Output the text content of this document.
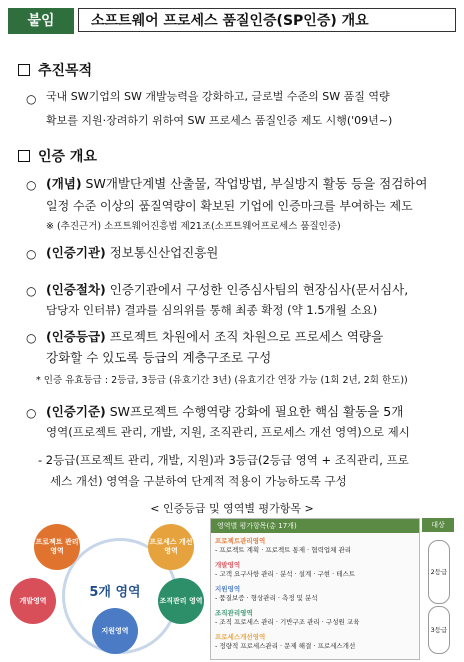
붙임	소프트웨어 프로세스 품질인증(SP인증) 개요
추진목적
○ 국내 SW기업의 SW 개발능력을 강화하고, 글로벌 수준의 SW 품질 역량
확보를 지원·장려하기 위하여 SW 프로세스 품질인증 제도 시행('09년~)
인증 개요
○ (개념) SW개발단계별 산출물, 작업방법, 부실방지 활동 등을 점검하여
일정 수준 이상의 품질역량이 확보된 기업에 인증마크를 부여하는 제도
※ (추진근거) 소프트웨어진흥법 제21조(소프트웨어프로세스 품질인증)
○ (인증기관) 정보통신산업진흥원
○ (인증절차) 인증기관에서 구성한 인증심사팀의 현장심사(문서심사,
담당자 인터뷰) 결과를 심의위를 통해 최종 확정 (약 1.5개월 소요)
○ (인증등급) 프로젝트 차원에서 조직 차원으로 프로세스 역량을
강화할 수 있도록 등급의 계층구조로 구성
* 인증 유효등급 : 2등급, 3등급 (유효기간 3년) (유효기간 연장 가능 (1회 2년, 2회 한도))
○ (인증기준) SW프로젝트 수행역량 강화에 필요한 핵심 활동을 5개
영역(프로젝트 관리, 개발, 지원, 조직관리, 프로세스 개선 영역)으로 제시
- 2등급(프로젝트 관리, 개발, 지원)과 3등급(2등급 영역 + 조직관리, 프로
세스 개선) 영역을 구분하여 단계적 적용이 가능하도록 구성
< 인증등급 및 영역별 평가항목 >
5개 영역
프로젝트 관리영역
프로세스 개선영역
조직관리 영역
지원영역
개발영역
영역별 평가항목(총 17개)
프로젝트관리영역
- 프로젝트 계획 · 프로젝트 통제 · 협력업체 관리
개발영역
- 고객 요구사항 관리 · 분석 · 설계 · 구현 · 테스트
지원영역
- 품질보증 · 형상관리 · 측정 및 분석
조직관리영역
- 조직 프로세스 관리 · 기반구조 관리 · 구성원 교육
프로세스개선영역
- 정량적 프로세스관리 · 문제 해결 · 프로세스개선
대상
2등급
3등급
